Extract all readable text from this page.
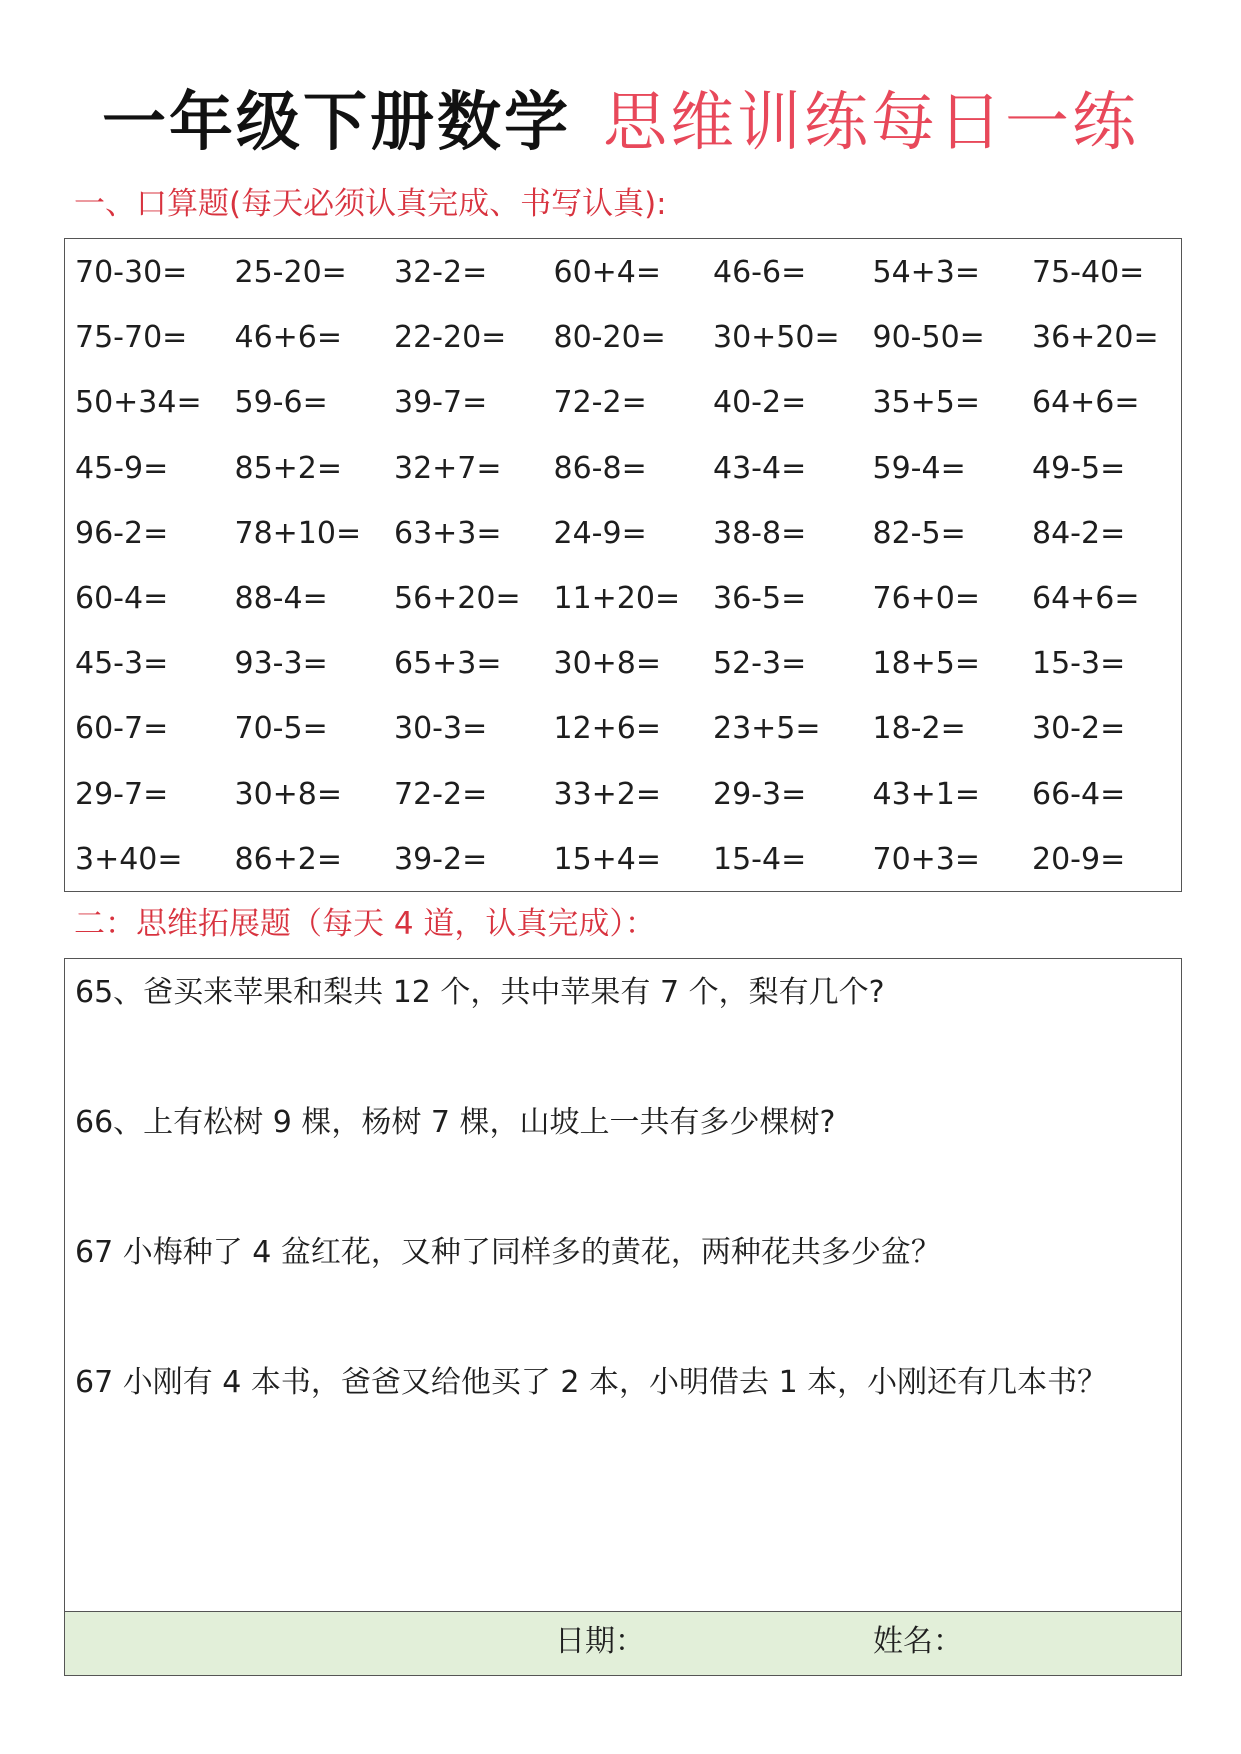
一年级下册数学 思维训练每日一练
一、口算题(每天必须认真完成、书写认真):
70-30=	25-20=	32-2=	60+4=	46-6=	54+3=	75-40=
75-70=	46+6=	22-20=	80-20=	30+50=	90-50=	36+20=
50+34=	59-6=	39-7=	72-2=	40-2=	35+5=	64+6=
45-9=	85+2=	32+7=	86-8=	43-4=	59-4=	49-5=
96-2=	78+10=	63+3=	24-9=	38-8=	82-5=	84-2=
60-4=	88-4=	56+20=	11+20=	36-5=	76+0=	64+6=
45-3=	93-3=	65+3=	30+8=	52-3=	18+5=	15-3=
60-7=	70-5=	30-3=	12+6=	23+5=	18-2=	30-2=
29-7=	30+8=	72-2=	33+2=	29-3=	43+1=	66-4=
3+40=	86+2=	39-2=	15+4=	15-4=	70+3=	20-9=
二：思维拓展题（每天 4 道，认真完成）：
65、爸买来苹果和梨共 12 个，共中苹果有 7 个，梨有几个?
66、上有松树 9 棵，杨树 7 棵，山坡上一共有多少棵树?
67 小梅种了 4 盆红花，又种了同样多的黄花，两种花共多少盆？
67 小刚有 4 本书，爸爸又给他买了 2 本，小明借去 1 本，小刚还有几本书？
日期：	姓名：
